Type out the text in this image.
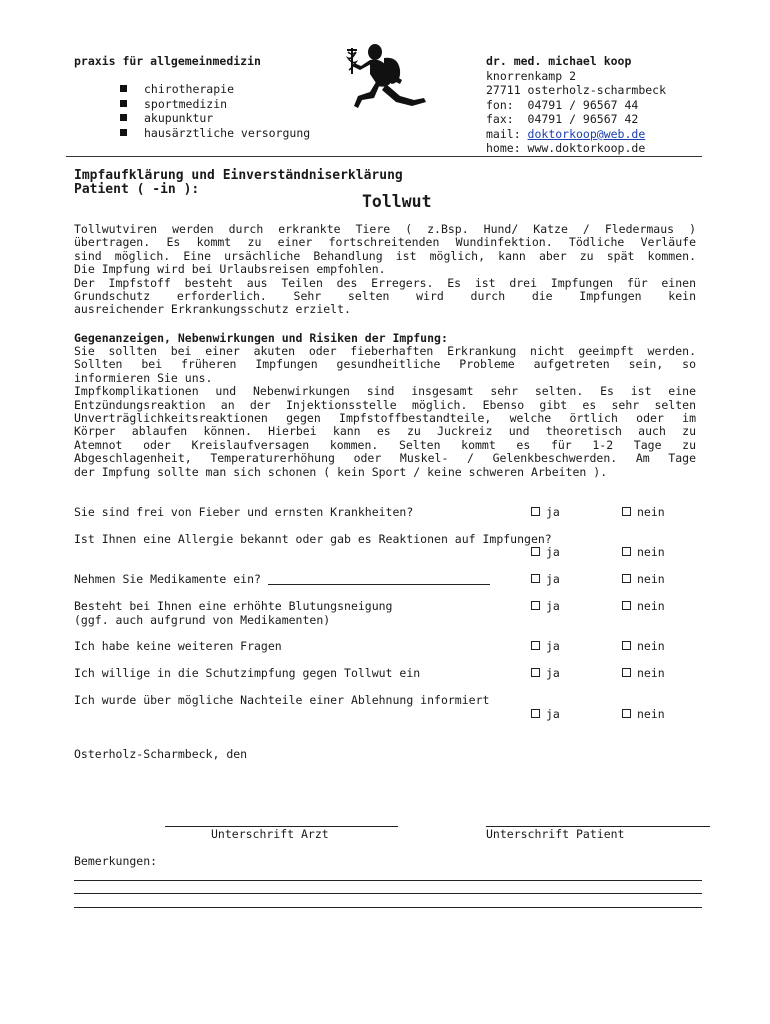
praxis für allgemeinmedizin
chirotherapie
sportmedizin
akupunktur
hausärztliche versorgung
dr. med. michael koop
knorrenkamp 2
27711 osterholz-scharmbeck
fon:  04791 / 96567 44
fax:  04791 / 96567 42
mail: doktorkoop@web.de
home: www.doktorkoop.de
Impfaufklärung und Einverständniserklärung
Patient ( -in ):
Tollwut
Tollwutviren werden durch erkrankte Tiere ( z.Bsp. Hund/ Katze / Fledermaus )
übertragen. Es kommt zu einer fortschreitenden Wundinfektion. Tödliche Verläufe
sind möglich. Eine ursächliche Behandlung ist möglich, kann aber zu spät kommen.
Die Impfung wird bei Urlaubsreisen empfohlen.
Der Impfstoff besteht aus Teilen des Erregers. Es ist drei Impfungen für einen
Grundschutz erforderlich. Sehr selten wird durch die Impfungen kein
ausreichender Erkrankungsschutz erzielt.
Gegenanzeigen, Nebenwirkungen und Risiken der Impfung:
Sie sollten bei einer akuten oder fieberhaften Erkrankung nicht geeimpft werden.
Sollten bei früheren Impfungen gesundheitliche Probleme aufgetreten sein, so
informieren Sie uns.
Impfkomplikationen und Nebenwirkungen sind insgesamt sehr selten. Es ist eine
Entzündungsreaktion an der Injektionsstelle möglich. Ebenso gibt es sehr selten
Unverträglichkeitsreaktionen gegen Impfstoffbestandteile, welche örtlich oder im
Körper ablaufen können. Hierbei kann es zu Juckreiz und theoretisch auch zu
Atemnot oder Kreislaufversagen kommen. Selten kommt es für 1-2 Tage zu
Abgeschlagenheit, Temperaturerhöhung oder Muskel- / Gelenkbeschwerden. Am Tage
der Impfung sollte man sich schonen ( kein Sport / keine schweren Arbeiten ).
Sie sind frei von Fieber und ernsten Krankheiten?	ja	nein
Ist Ihnen eine Allergie bekannt oder gab es Reaktionen auf Impfungen?
ja	nein
Nehmen Sie Medikamente ein?	ja	nein
Besteht bei Ihnen eine erhöhte Blutungsneigung
(ggf. auch aufgrund von Medikamenten)
ja	nein
Ich habe keine weiteren Fragen	ja	nein
Ich willige in die Schutzimpfung gegen Tollwut ein	ja	nein
Ich wurde über mögliche Nachteile einer Ablehnung informiert
ja	nein
Osterholz-Scharmbeck, den
Unterschrift Arzt	Unterschrift Patient
Bemerkungen:
